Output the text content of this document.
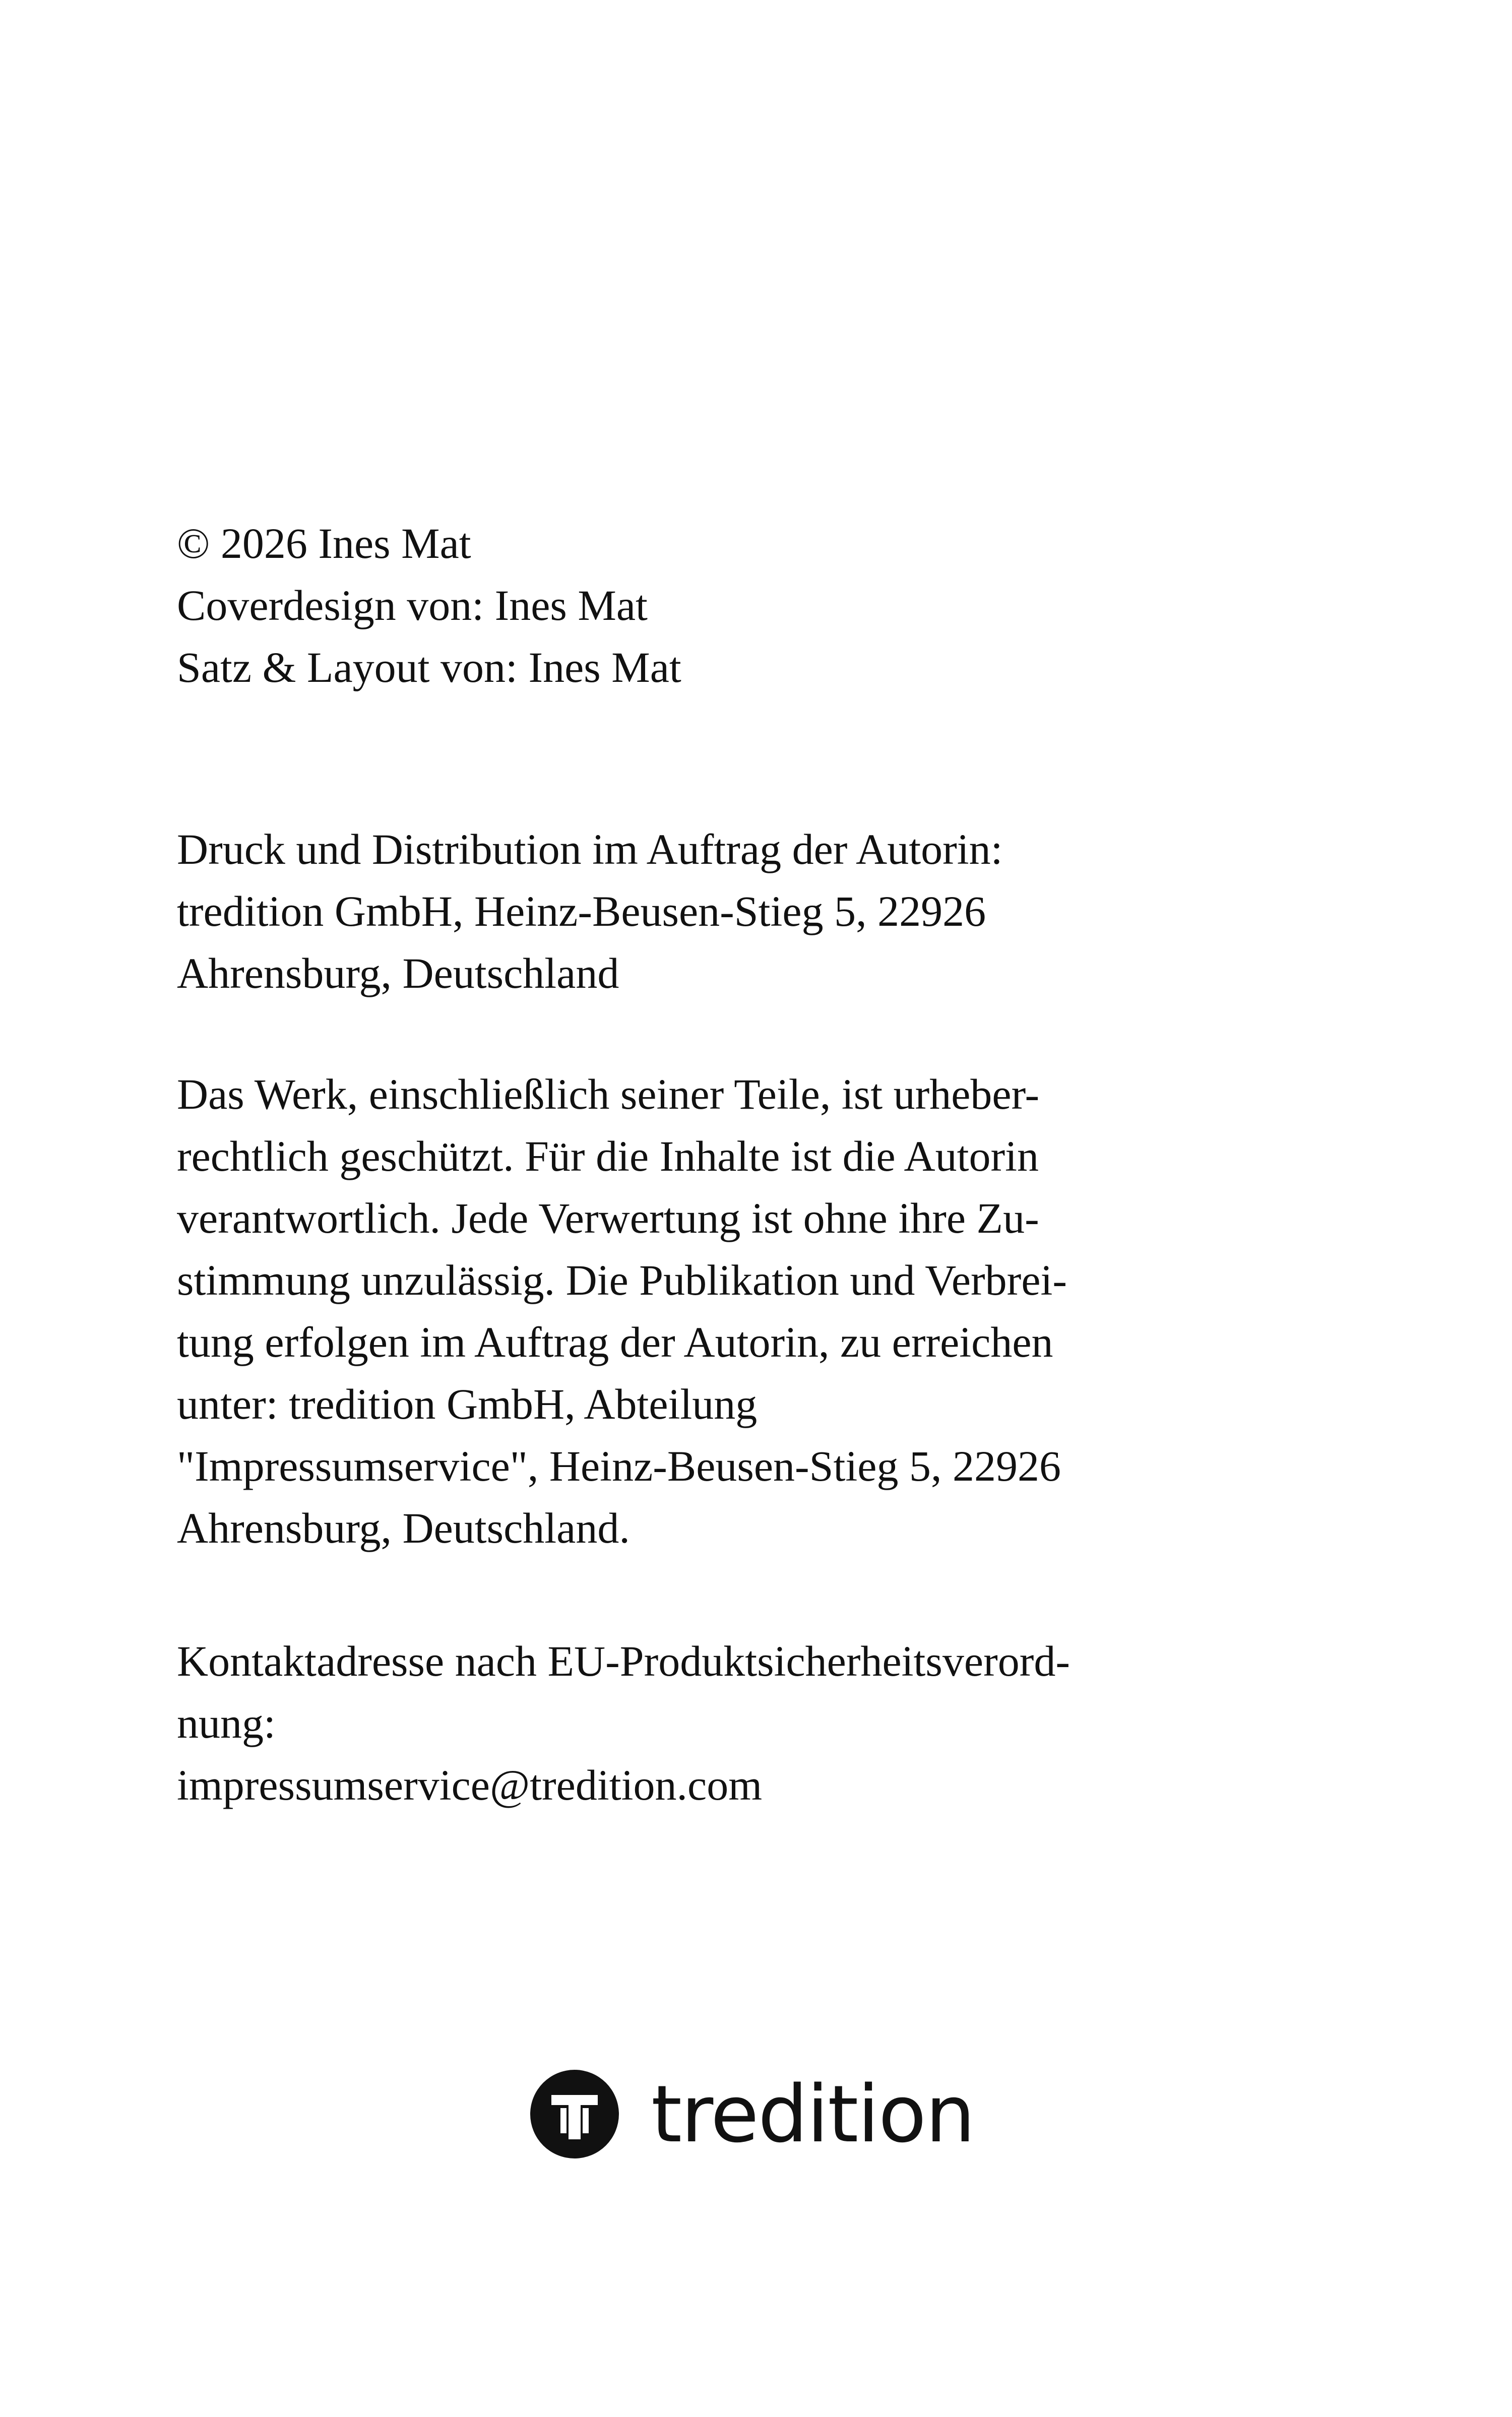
© 2026 Ines Mat
Coverdesign von: Ines Mat
Satz & Layout von: Ines Mat
Druck und Distribution im Auftrag der Autorin:
tredition GmbH, Heinz-Beusen-Stieg 5, 22926
Ahrensburg, Deutschland
Das Werk, einschließlich seiner Teile, ist urheber-
rechtlich geschützt. Für die Inhalte ist die Autorin
verantwortlich. Jede Verwertung ist ohne ihre Zu-
stimmung unzulässig. Die Publikation und Verbrei-
tung erfolgen im Auftrag der Autorin, zu erreichen
unter: tredition GmbH, Abteilung
"Impressumservice", Heinz-Beusen-Stieg 5, 22926
Ahrensburg, Deutschland.
Kontaktadresse nach EU-Produktsicherheitsverord-
nung:
impressumservice@tredition.com
tredition
